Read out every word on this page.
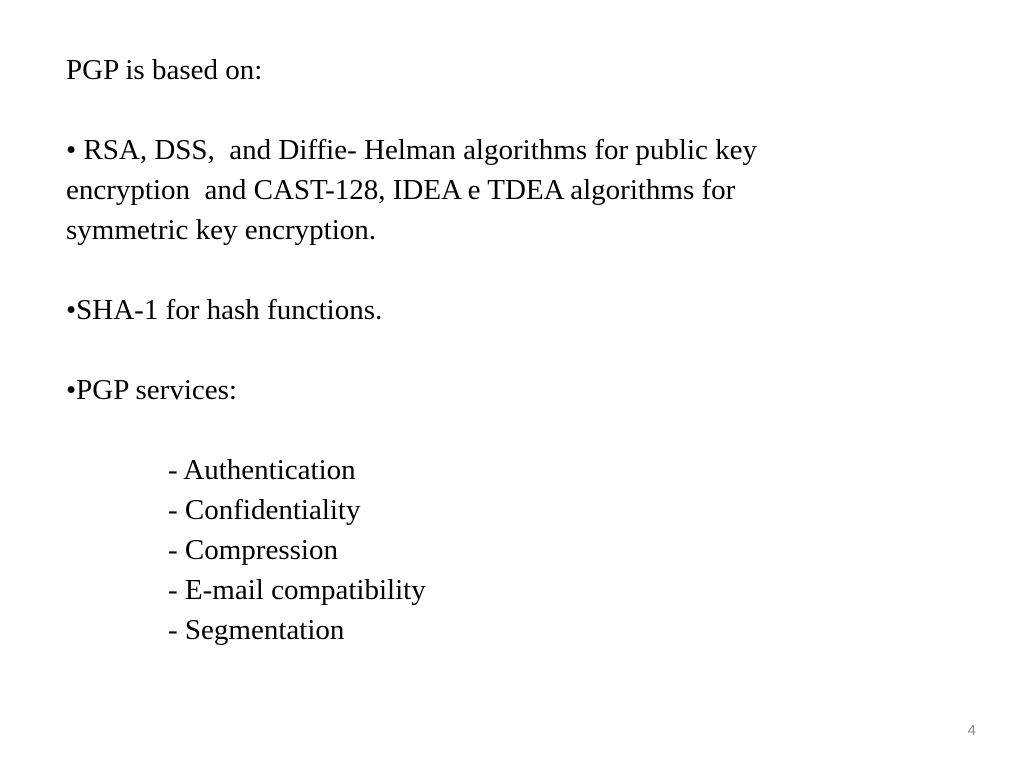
PGP is based on:

• RSA, DSS,  and Diffie- Helman algorithms for public key

encryption  and CAST-128, IDEA e TDEA algorithms for

symmetric key encryption.

•SHA-1 for hash functions.

•PGP services:

- Authentication

- Confidentiality

- Compression

- E-mail compatibility

- Segmentation

4
